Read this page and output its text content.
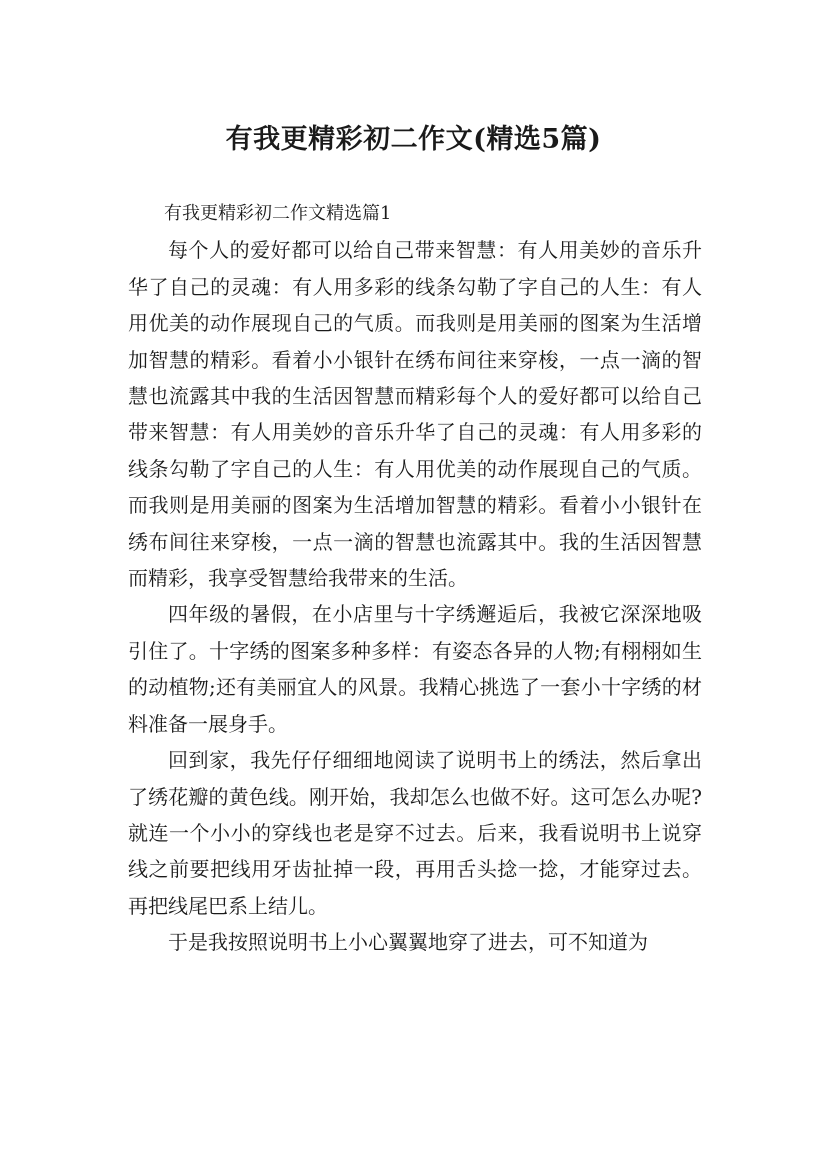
有我更精彩初二作文(精选5篇)

有我更精彩初二作文精选篇1

每个人的爱好都可以给自己带来智慧：有人用美妙的音乐升华了自己的灵魂：有人用多彩的线条勾勒了字自己的人生：有人用优美的动作展现自己的气质。而我则是用美丽的图案为生活增加智慧的精彩。看着小小银针在绣布间往来穿梭，一点一滴的智慧也流露其中我的生活因智慧而精彩每个人的爱好都可以给自己带来智慧：有人用美妙的音乐升华了自己的灵魂：有人用多彩的线条勾勒了字自己的人生：有人用优美的动作展现自己的气质。而我则是用美丽的图案为生活增加智慧的精彩。看着小小银针在绣布间往来穿梭，一点一滴的智慧也流露其中。我的生活因智慧而精彩，我享受智慧给我带来的生活。

四年级的暑假，在小店里与十字绣邂逅后，我被它深深地吸引住了。十字绣的图案多种多样：有姿态各异的人物;有栩栩如生的动植物;还有美丽宜人的风景。我精心挑选了一套小十字绣的材料准备一展身手。

回到家，我先仔仔细细地阅读了说明书上的绣法，然后拿出了绣花瓣的黄色线。刚开始，我却怎么也做不好。这可怎么办呢?就连一个小小的穿线也老是穿不过去。后来，我看说明书上说穿线之前要把线用牙齿扯掉一段，再用舌头捻一捻，才能穿过去。再把线尾巴系上结儿。

于是我按照说明书上小心翼翼地穿了进去，可不知道为
